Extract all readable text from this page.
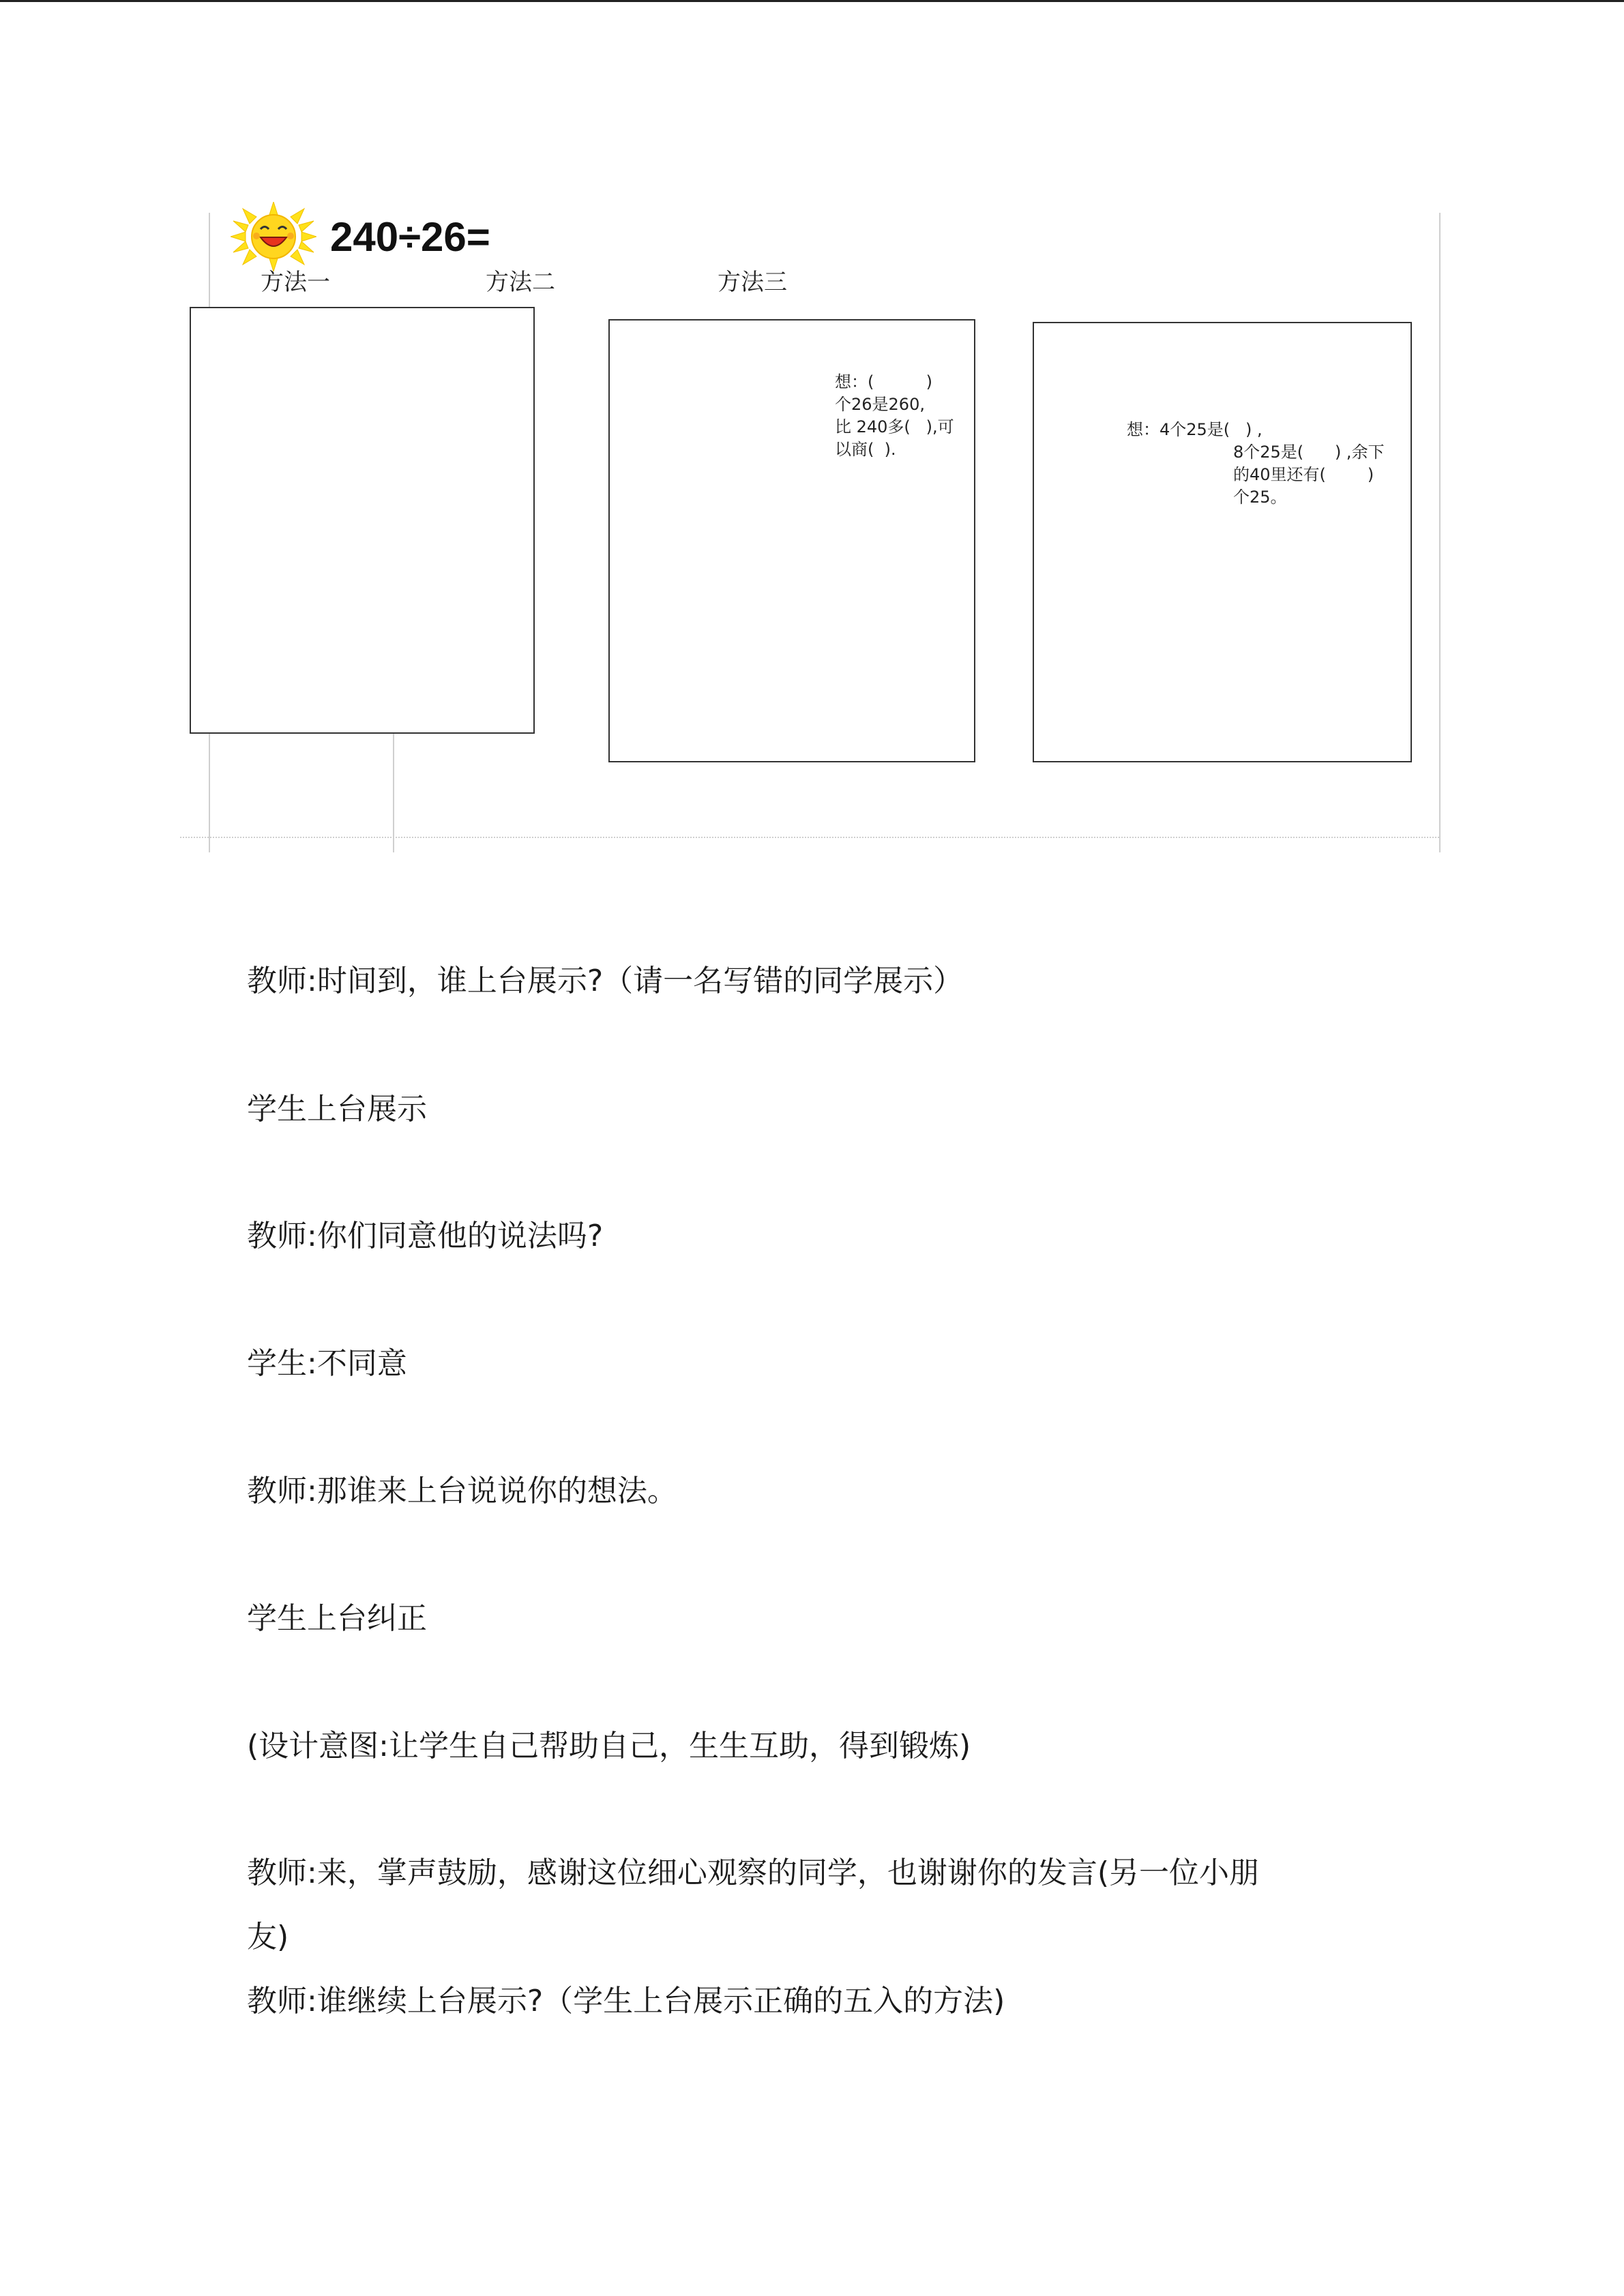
240÷26=
方法一	方法二	方法三
想：(          )
个26是260,
比 240多(   ),可
以商(  ).
想：4个25是(   ) ,
8个25是(      ) ,余下
的40里还有(        )
个25。
教师:时间到，谁上台展示?（请一名写错的同学展示）
学生上台展示
教师:你们同意他的说法吗?
学生:不同意
教师:那谁来上台说说你的想法。
学生上台纠正
(设计意图:让学生自己帮助自己，生生互助，得到锻炼)
教师:来，掌声鼓励，感谢这位细心观察的同学，也谢谢你的发言(另一位小朋
友)
教师:谁继续上台展示?（学生上台展示正确的五入的方法)
